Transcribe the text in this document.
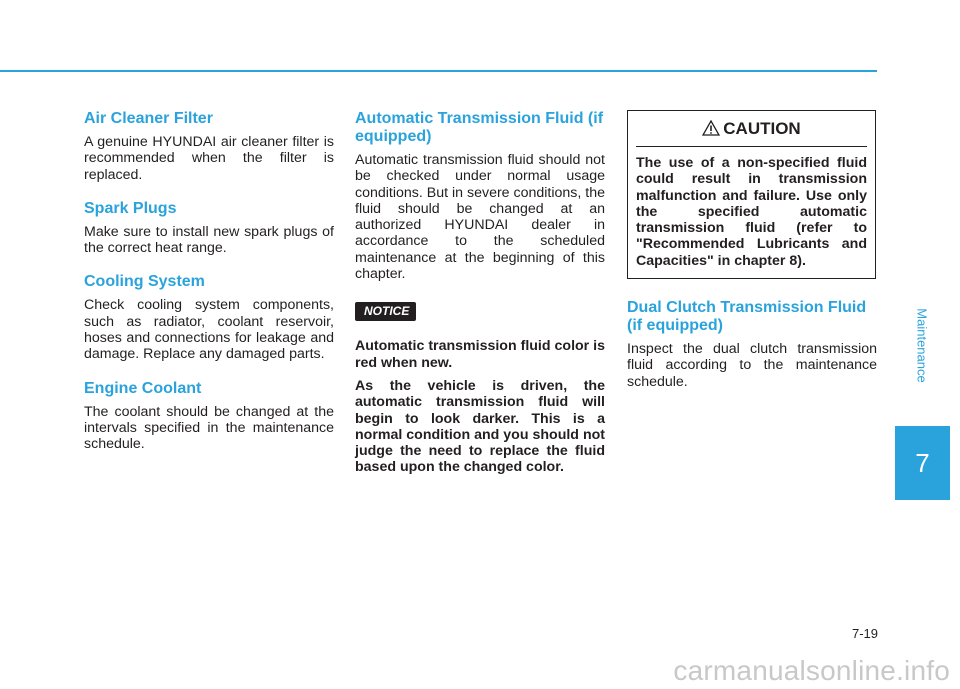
Air Cleaner Filter

A genuine HYUNDAI air cleaner filter is recommended when the filter is replaced.

Spark Plugs

Make sure to install new spark plugs of the correct heat range.

Cooling System

Check cooling system components, such as radiator, coolant reservoir, hoses and connections for leakage and damage. Replace any damaged parts.

Engine Coolant

The coolant should be changed at the intervals specified in the maintenance schedule.

Automatic Transmission Fluid (if equipped)

Automatic transmission fluid should not be checked under normal usage conditions. But in severe conditions, the fluid should be changed at an authorized HYUNDAI dealer in accordance to the scheduled maintenance at the beginning of this chapter.

NOTICE

Automatic transmission fluid color is red when new.

As the vehicle is driven, the automatic transmission fluid will begin to look darker. This is a normal condition and you should not judge the need to replace the fluid based upon the changed color.

CAUTION

The use of a non-specified fluid could result in transmission malfunction and failure. Use only the specified automatic transmission fluid (refer to "Recommended Lubricants and Capacities" in chapter 8).

Dual Clutch Transmission Fluid (if equipped)

Inspect the dual clutch transmission fluid according to the maintenance schedule.	Maintenance
7
7-19
carmanualsonline.info
